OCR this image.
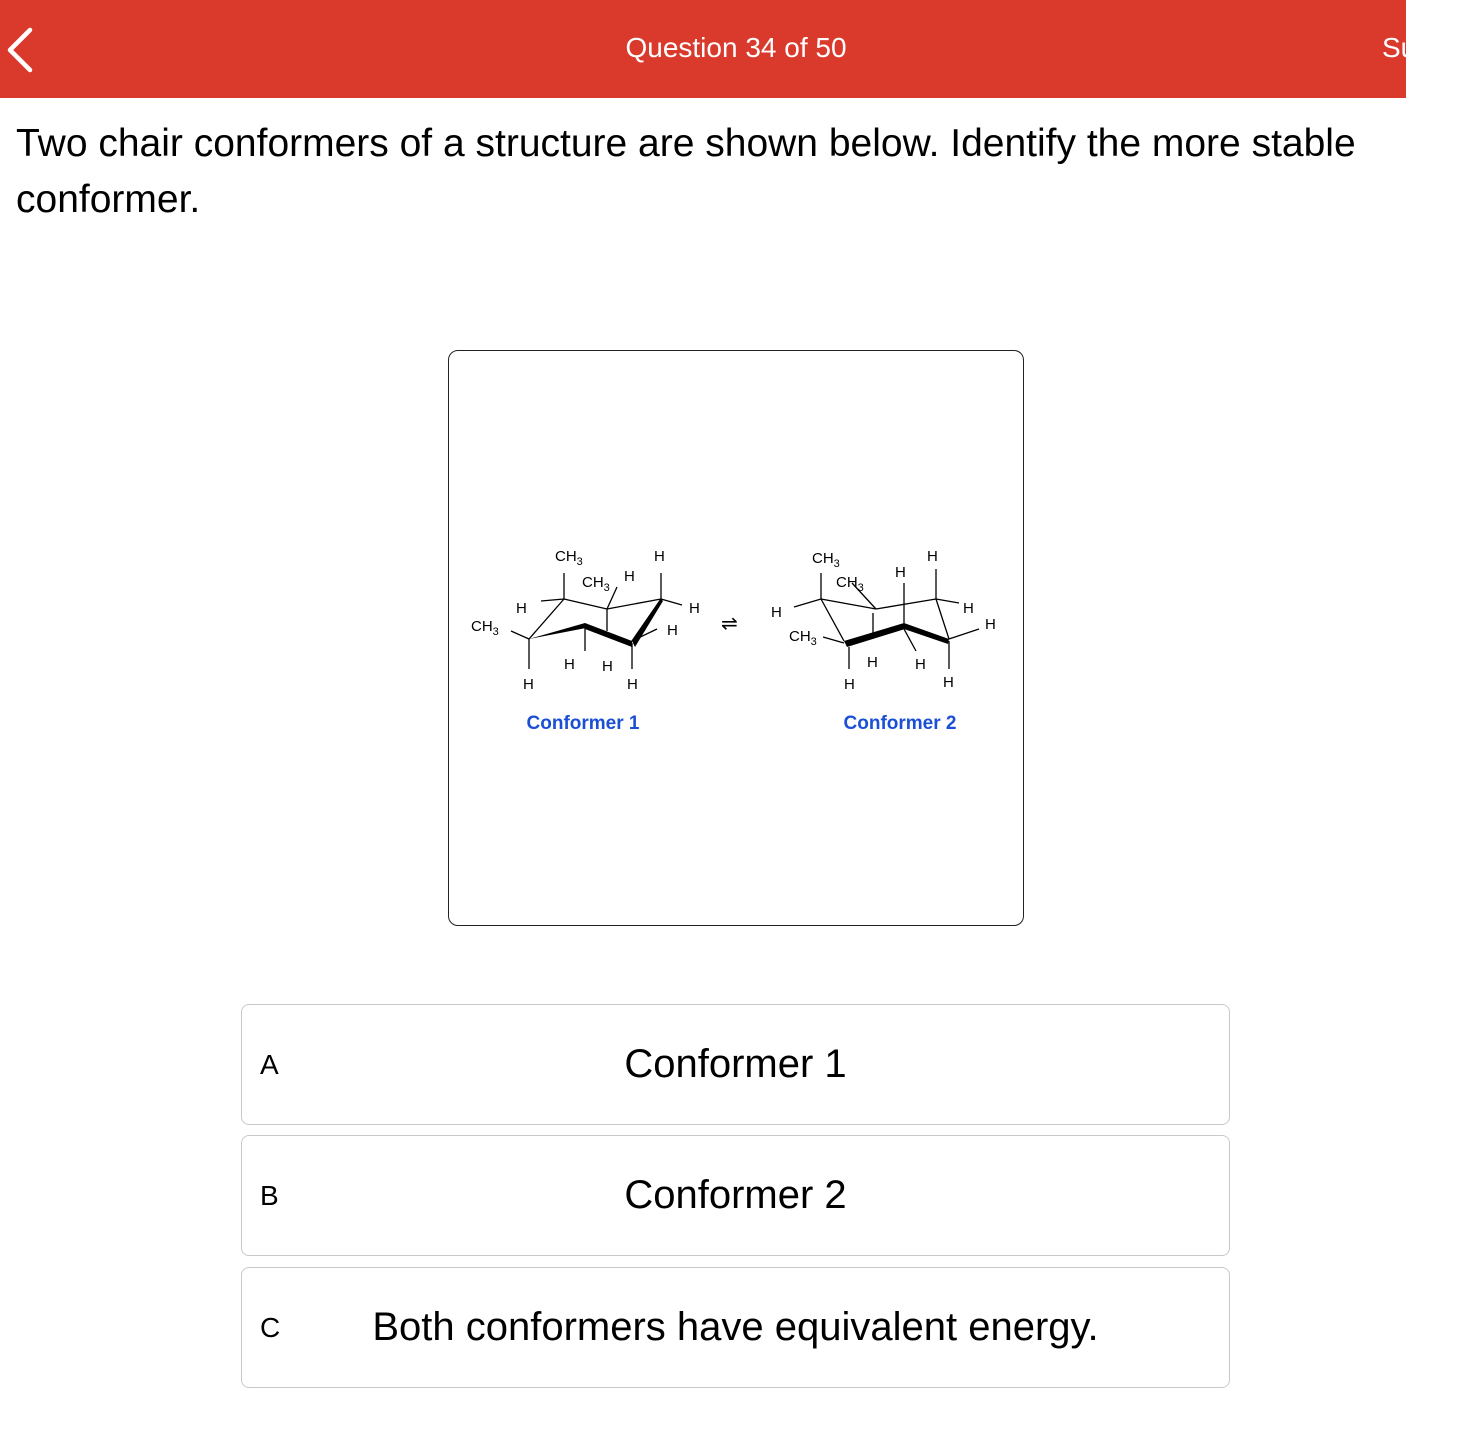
Question 34 of 50	Su

Two chair conformers of a structure are shown below. Identify the more stable conformer.

$CH_3$
$CH_3$
$CH_3$
H
H
H	H
H
H H
H	H
⇌
$CH_3$
$CH_3$
$CH_3$
H
H
H
H
H
H H
H	H
Conformer 1	Conformer 2
A	Conformer 1
B	Conformer 2
C	Both conformers have equivalent energy.
